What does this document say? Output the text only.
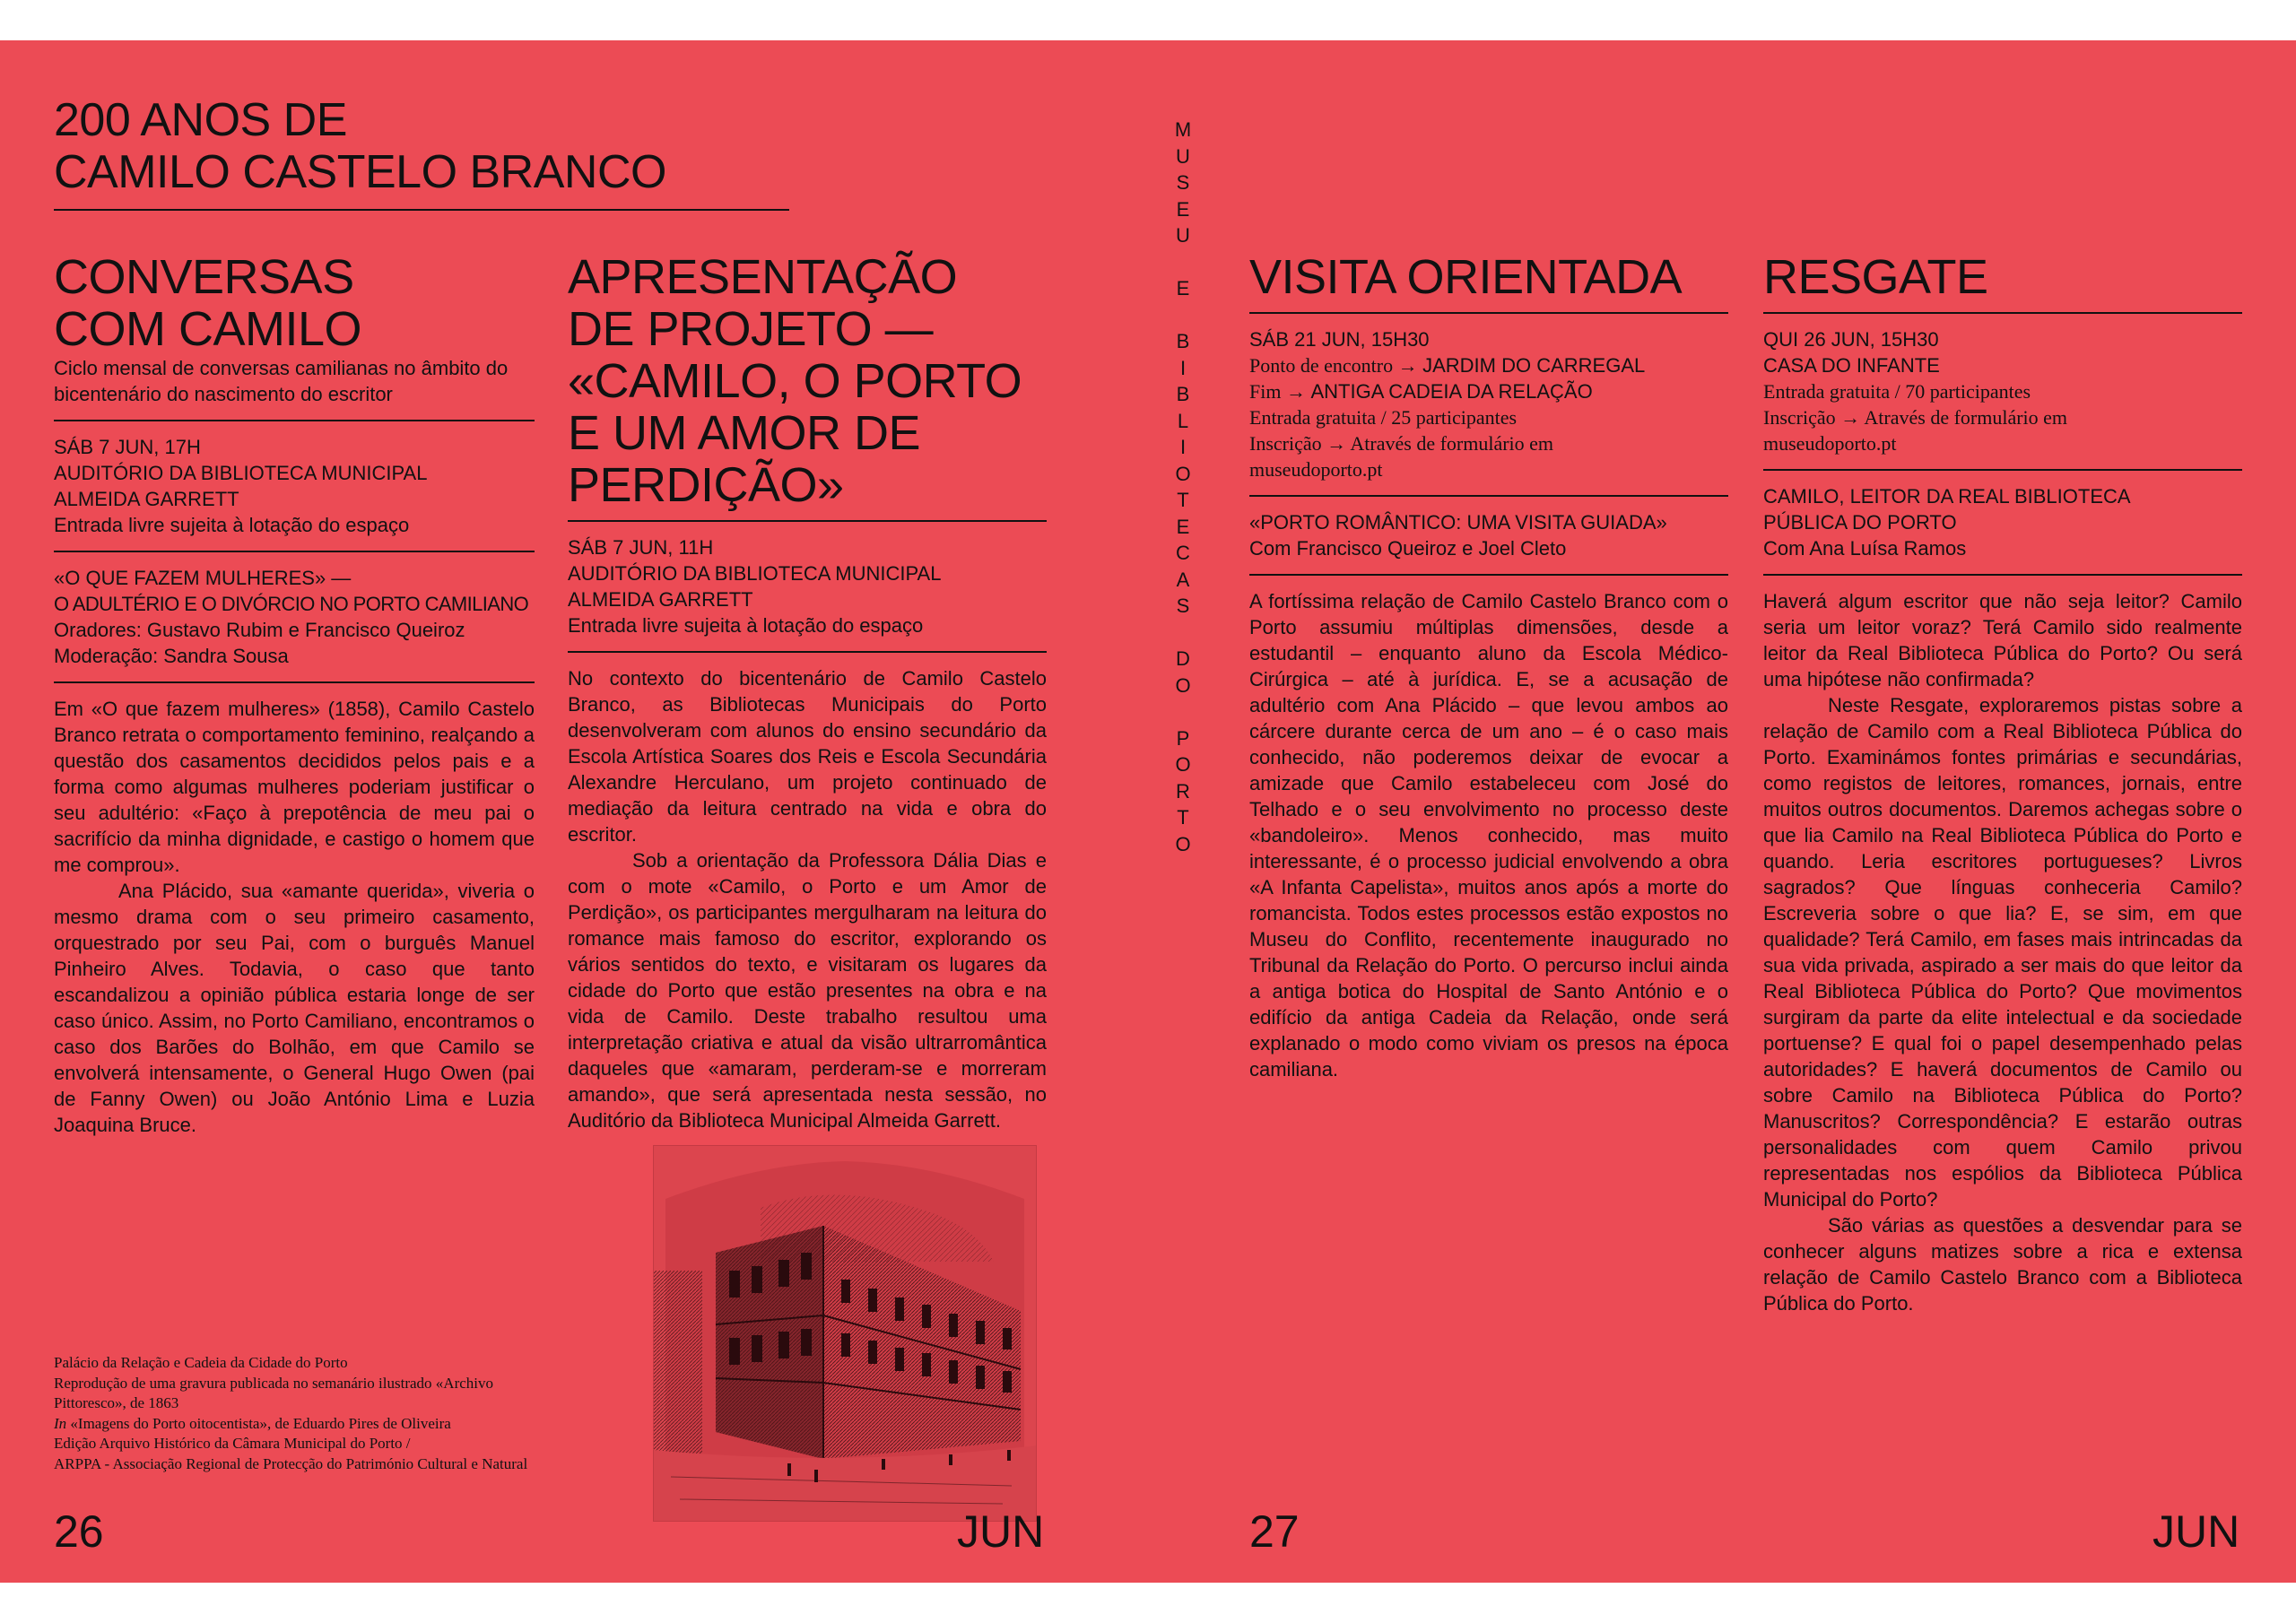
200 ANOS DE
CAMILO CASTELO BRANCO
CONVERSAS
COM CAMILO
Ciclo mensal de conversas camilianas no âmbito do
bicentenário do nascimento do escritor
SÁB 7 JUN, 17H
AUDITÓRIO DA BIBLIOTECA MUNICIPAL
ALMEIDA GARRETT
Entrada livre sujeita à lotação do espaço
«O QUE FAZEM MULHERES» —
O ADULTÉRIO E O DIVÓRCIO NO PORTO CAMILIANO
Oradores: Gustavo Rubim e Francisco Queiroz
Moderação: Sandra Sousa

Em «O que fazem mulheres» (1858), Camilo Castelo Branco retrata o comportamento feminino, realçando a questão dos casamentos decididos pelos pais e a forma como algumas mulheres poderiam justificar o seu adultério: «Faço à prepotência de meu pai o sacrifício da minha dignidade, e castigo o homem que me comprou».

Ana Plácido, sua «amante querida», viveria o mesmo drama com o seu primeiro casamento, orquestrado por seu Pai, com o burguês Manuel Pinheiro Alves. Todavia, o caso que tanto escandalizou a opinião pública estaria longe de ser caso único. Assim, no Porto Camiliano, encontramos o caso dos Barões do Bolhão, em que Camilo se envolverá intensamente, o General Hugo Owen (pai de Fanny Owen) ou João António Lima e Luzia Joaquina Bruce.

APRESENTAÇÃO
DE PROJETO —
«CAMILO, O PORTO
E UM AMOR DE
PERDIÇÃO»
SÁB 7 JUN, 11H
AUDITÓRIO DA BIBLIOTECA MUNICIPAL
ALMEIDA GARRETT
Entrada livre sujeita à lotação do espaço

No contexto do bicentenário de Camilo Castelo Branco, as Bibliotecas Municipais do Porto desenvolveram com alunos do ensino secundário da Escola Artística Soares dos Reis e Escola Secundária Alexandre Herculano, um projeto continuado de mediação da leitura centrado na vida e obra do escritor.

Sob a orientação da Professora Dália Dias e com o mote «Camilo, o Porto e um Amor de Perdição», os participantes mergulharam na leitura do romance mais famoso do escritor, explorando os vários sentidos do texto, e visitaram os lugares da cidade do Porto que estão presentes na obra e na vida de Camilo. Deste trabalho resultou uma interpretação criativa e atual da visão ultrarromântica daqueles que «amaram, perderam-se e morreram amando», que será apresentada nesta sessão, no Auditório da Biblioteca Municipal Almeida Garrett.

Palácio da Relação e Cadeia da Cidade do Porto
Reprodução de uma gravura publicada no semanário ilustrado «Archivo
Pittoresco», de 1863
In «Imagens do Porto oitocentista», de Eduardo Pires de Oliveira
Edição Arquivo Histórico da Câmara Municipal do Porto /
ARPPA - Associação Regional de Protecção do Património Cultural e Natural
M
U
S
E
U

E

B
I
B
L
I
O
T
E
C
A
S

D
O

P
O
R
T
O
VISITA ORIENTADA
SÁB 21 JUN, 15H30
Ponto de encontro → JARDIM DO CARREGAL
Fim → ANTIGA CADEIA DA RELAÇÃO
Entrada gratuita / 25 participantes
Inscrição → Através de formulário em
museudoporto.pt
«PORTO ROMÂNTICO: UMA VISITA GUIADA»
Com Francisco Queiroz e Joel Cleto

A fortíssima relação de Camilo Castelo Branco com o Porto assumiu múltiplas dimensões, desde a estudantil – enquanto aluno da Escola Médico-Cirúrgica – até à jurídica. E, se a acusação de adultério com Ana Plácido – que levou ambos ao cárcere durante cerca de um ano – é o caso mais conhecido, não poderemos deixar de evocar a amizade que Camilo estabeleceu com José do Telhado e o seu envolvimento no processo deste «bandoleiro». Menos conhecido, mas muito interessante, é o processo judicial envolvendo a obra «A Infanta Capelista», muitos anos após a morte do romancista. Todos estes processos estão expostos no Museu do Conflito, recentemente inaugurado no Tribunal da Relação do Porto. O percurso inclui ainda a antiga botica do Hospital de Santo António e o edifício da antiga Cadeia da Relação, onde será explanado o modo como viviam os presos na época camiliana.

RESGATE
QUI 26 JUN, 15H30
CASA DO INFANTE
Entrada gratuita / 70 participantes
Inscrição → Através de formulário em
museudoporto.pt
CAMILO, LEITOR DA REAL BIBLIOTECA
PÚBLICA DO PORTO
Com Ana Luísa Ramos

Haverá algum escritor que não seja leitor? Camilo seria um leitor voraz? Terá Camilo sido realmente leitor da Real Biblioteca Pública do Porto? Ou será uma hipótese não confirmada?

Neste Resgate, exploraremos pistas sobre a relação de Camilo com a Real Biblioteca Pública do Porto. Examinámos fontes primárias e secundárias, como registos de leitores, romances, jornais, entre muitos outros documentos. Daremos achegas sobre o que lia Camilo na Real Biblioteca Pública do Porto e quando. Leria escritores portugueses? Livros sagrados? Que línguas conheceria Camilo? Escreveria sobre o que lia? E, se sim, em que qualidade? Terá Camilo, em fases mais intrincadas da sua vida privada, aspirado a ser mais do que leitor da Real Biblioteca Pública do Porto? Que movimentos surgiram da parte da elite intelectual e da sociedade portuense? E qual foi o papel desempenhado pelas autoridades? E haverá documentos de Camilo ou sobre Camilo na Biblioteca Pública do Porto? Manuscritos? Correspondência? E estarão outras personalidades com quem Camilo privou representadas nos espólios da Biblioteca Pública Municipal do Porto?

São várias as questões a desvendar para se conhecer alguns matizes sobre a rica e extensa relação de Camilo Castelo Branco com a Biblioteca Pública do Porto.

26	JUN	27	JUN
